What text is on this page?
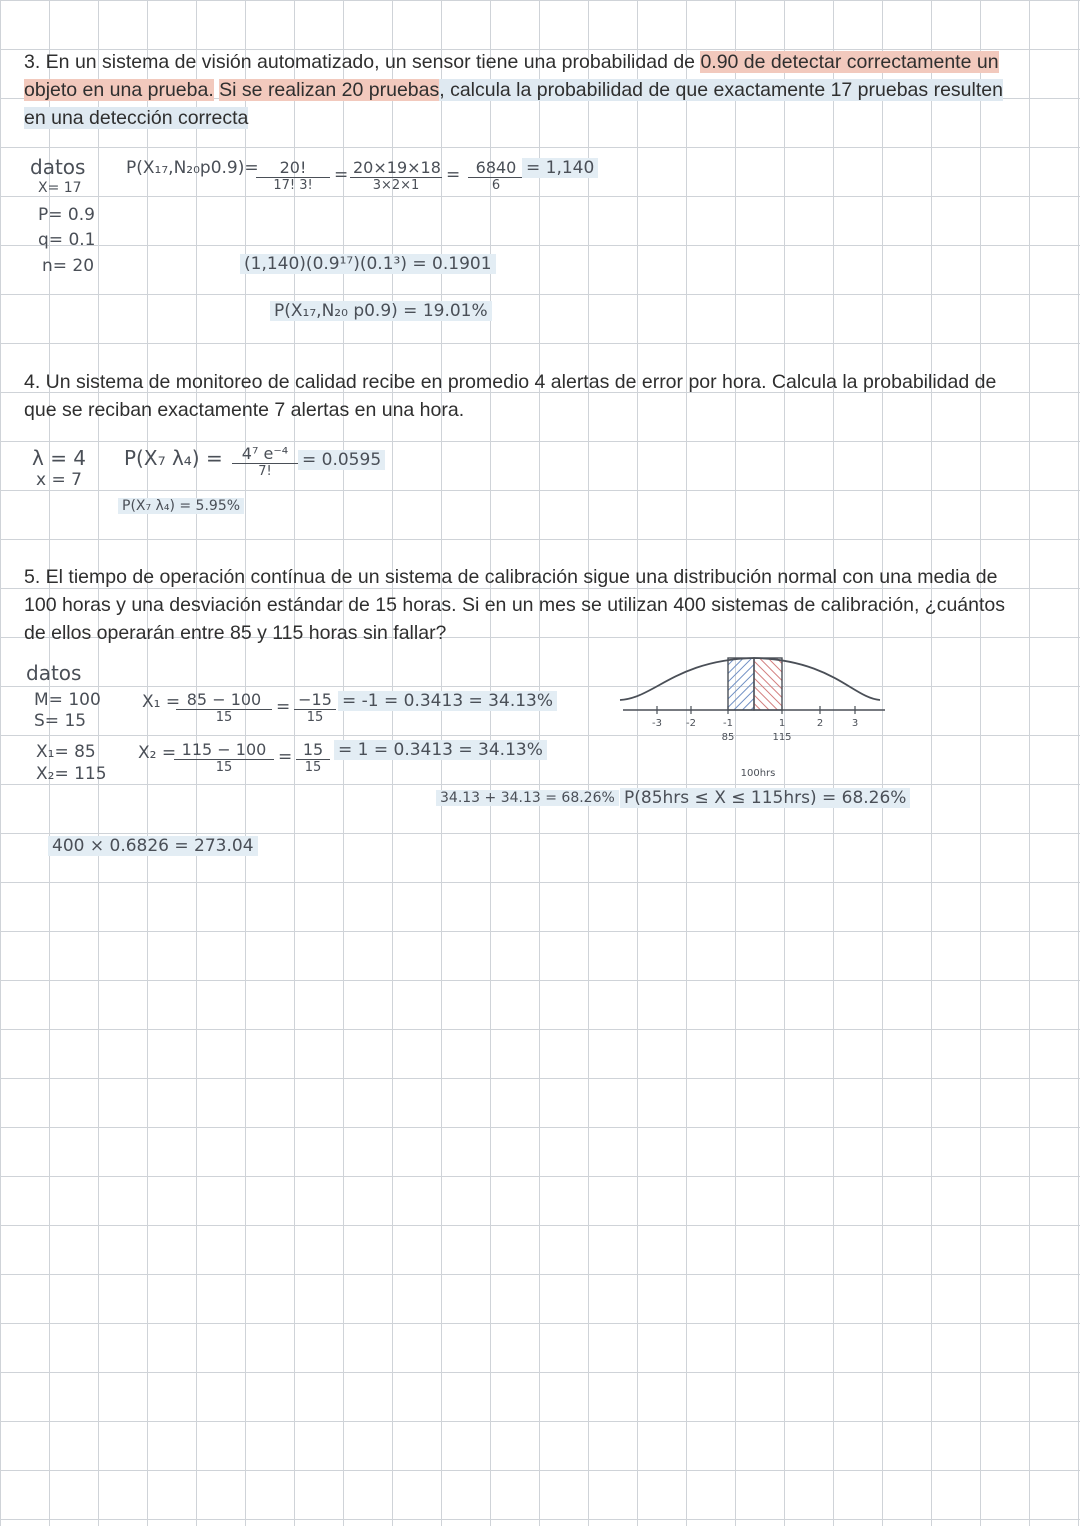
3. En un sistema de visión automatizado, un sensor tiene una probabilidad de 0.90 de detectar correctamente un objeto en una prueba. Si se realizan 20 pruebas, calcula la probabilidad de que exactamente 17 pruebas resulten en una detección correcta
datos
X= 17
P= 0.9
q= 0.1
n= 20
P(X₁₇,N₂₀p0.9)=	20!
17! 3!
= 20×19×18
3×2×1
= 6840
6
= 1,140
(1,140)(0.9¹⁷)(0.1³) = 0.1901
P(X₁₇,N₂₀ p0.9) = 19.01%
4. Un sistema de monitoreo de calidad recibe en promedio 4 alertas de error por hora. Calcula la probabilidad de que se reciban exactamente 7 alertas en una hora.
λ = 4
x = 7
P(X₇ λ₄) =	4⁷ e⁻⁴
7!
= 0.0595
P(X₇ λ₄) = 5.95%
5. El tiempo de operación contínua de un sistema de calibración sigue una distribución normal con una media de 100 horas y una desviación estándar de 15 horas. Si en un mes se utilizan 400 sistemas de calibración, ¿cuántos de ellos operarán entre 85 y 115 horas sin fallar?
datos
M= 100
S= 15
X₁= 85
X₂= 115
X₁ = 85 − 100
15
= −15
15
= -1 = 0.3413 = 34.13%
X₂ = 115 − 100
15
= 15
15
= 1 = 0.3413 = 34.13%
34.13 + 34.13 = 68.26% P(85hrs ≤ X ≤ 115hrs) = 68.26%
400 × 0.6826 = 273.04
-3 -2	-1	1	2	3
85	115
100hrs
